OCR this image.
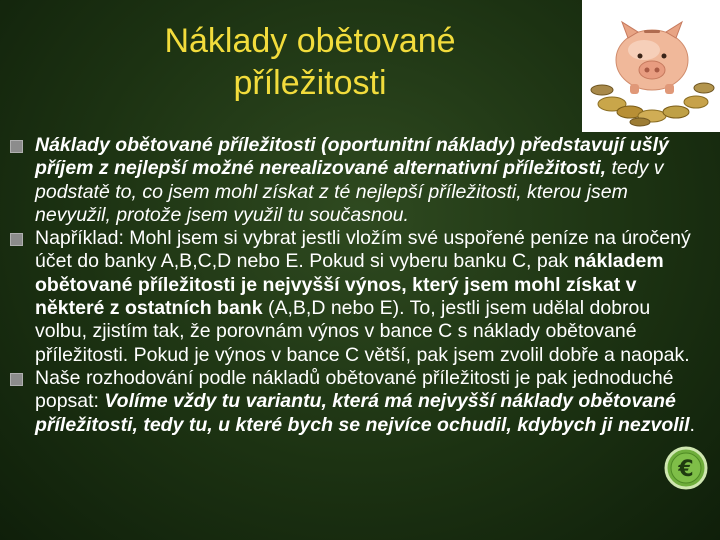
Náklady obětované
příležitosti

Náklady obětované příležitosti (oportunitní náklady) představují ušlý příjem z nejlepší možné nerealizované alternativní příležitosti, tedy v podstatě to, co jsem mohl získat z té nejlepší příležitosti, kterou jsem nevyužil, protože jsem využil tu současnou.

Například: Mohl jsem si vybrat jestli vložím své uspořené peníze na úročený účet do banky A,B,C,D nebo E. Pokud si vyberu banku C, pak nákladem obětované příležitosti je nejvyšší výnos, který jsem mohl získat v některé z ostatních bank (A,B,D nebo E). To, jestli jsem udělal dobrou volbu, zjistím tak, že porovnám výnos v bance C s náklady obětované příležitosti. Pokud je výnos v bance C větší, pak jsem zvolil dobře a naopak.

Naše rozhodování podle nákladů obětované příležitosti je pak jednoduché popsat: Volíme vždy tu variantu, která má nejvyšší náklady obětované příležitosti, tedy tu, u které bych se nejvíce ochudil, kdybych ji nezvolil.

€
